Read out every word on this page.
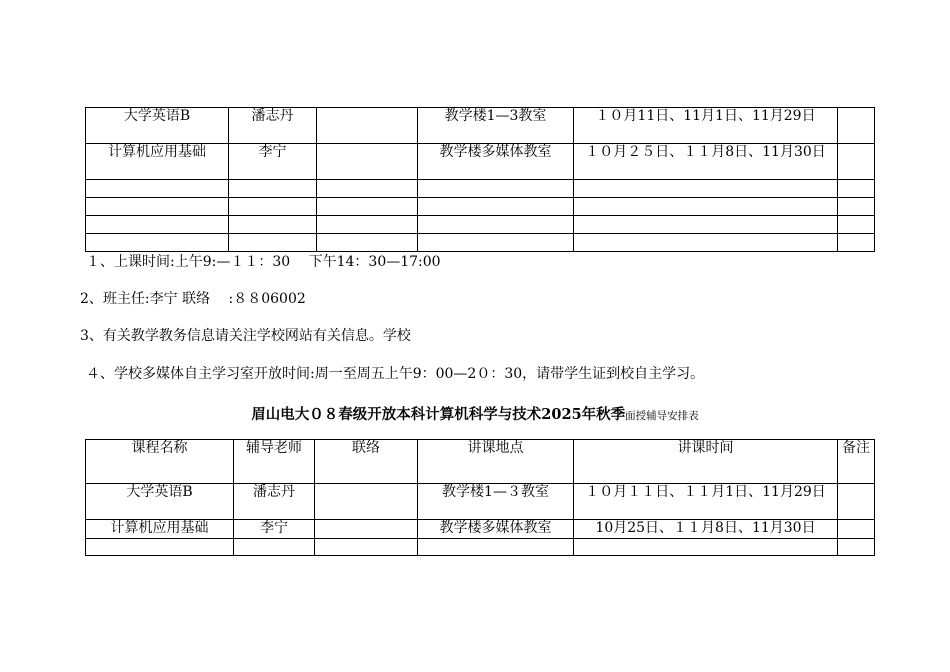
大学英语B	潘志丹		教学楼1—3教室	１０月11日、11月1日、11月29日	
计算机应用基础	李宁		教学楼多媒体教室	１０月２５日、１１月8日、11月30日	

１、上课时间:上午9:—１１：30　 下午14：30—17:00
2、班主任:李宁 联络　 :８８06002
3、有关教学教务信息请关注学校网站有关信息。学校
４、学校多媒体自主学习室开放时间:周一至周五上午9：00—2０：30，请带学生证到校自主学习。
眉山电大０８春级开放本科计算机科学与技术2025年秋季面授辅导安排表
课程名称	辅导老师	联络	讲课地点	讲课时间	备注
大学英语B	潘志丹		教学楼1—３教室	１０月１１日、１１月1日、11月29日	
计算机应用基础	李宁		教学楼多媒体教室	10月25日、１１月8日、11月30日	
